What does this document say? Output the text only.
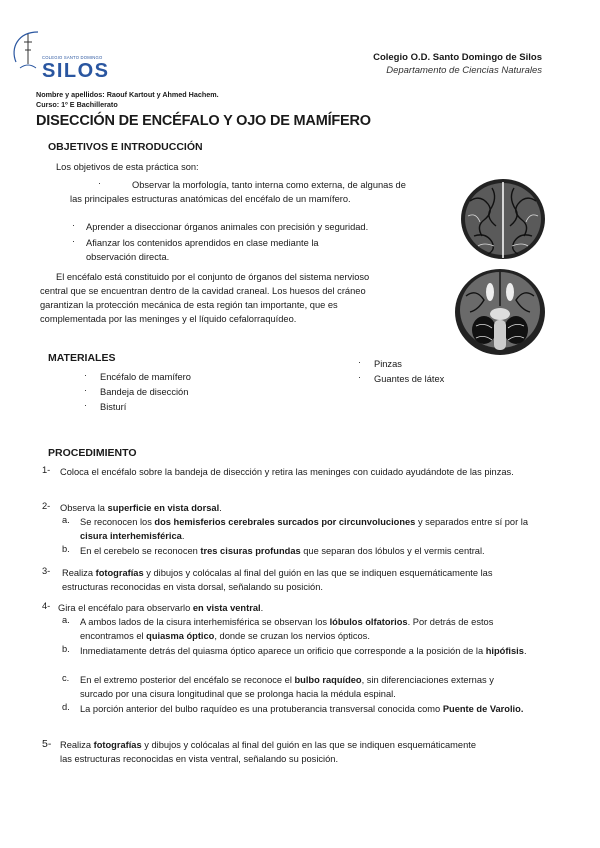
COLEGIO SANTO DOMINGO
SILOS
Colegio O.D. Santo Domingo de Silos
Departamento de Ciencias Naturales
Nombre y apellidos: Raouf Kartout y Ahmed Hachem.
Curso: 1º E Bachillerato
DISECCIÓN DE ENCÉFALO Y OJO DE MAMÍFERO
OBJETIVOS E INTRODUCCIÓN
Los objetivos de esta práctica son:
·	Observar la morfología, tanto interna como externa, de algunas de las principales estructuras anatómicas del encéfalo de un mamífero.
· Aprender a diseccionar órganos animales con precisión y seguridad.
· Afianzar los contenidos aprendidos en clase mediante la observación directa.
El encéfalo está constituido por el conjunto de órganos del sistema nervioso central que se encuentran dentro de la cavidad craneal. Los huesos del cráneo garantizan la protección mecánica de esta región tan importante, que es complementada por las meninges y el líquido cefalorraquídeo.
MATERIALES
· Encéfalo de mamífero
· Bandeja de disección
· Bisturí
· Pinzas
· Guantes de látex
PROCEDIMIENTO
1- Coloca el encéfalo sobre la bandeja de disección y retira las meninges con cuidado ayudándote de las pinzas.
2- Observa la superficie en vista dorsal.
a. Se reconocen los dos hemisferios cerebrales surcados por circunvoluciones y separados entre sí por la cisura interhemisférica.
b. En el cerebelo se reconocen tres cisuras profundas que separan dos lóbulos y el vermis central.
3- Realiza fotografías y dibujos y colócalas al final del guión en las que se indiquen esquemáticamente las estructuras reconocidas en vista dorsal, señalando su posición.
4- Gira el encéfalo para observarlo en vista ventral.
a. A ambos lados de la cisura interhemisférica se observan los lóbulos olfatorios. Por detrás de estos encontramos el quiasma óptico, donde se cruzan los nervios ópticos.
b. Inmediatamente detrás del quiasma óptico aparece un orificio que corresponde a la posición de la hipófisis.
c. En el extremo posterior del encéfalo se reconoce el bulbo raquídeo, sin diferenciaciones externas y surcado por una cisura longitudinal que se prolonga hacia la médula espinal.
d. La porción anterior del bulbo raquídeo es una protuberancia transversal conocida como Puente de Varolio.
5- Realiza fotografías y dibujos y colócalas al final del guión en las que se indiquen esquemáticamente las estructuras reconocidas en vista ventral, señalando su posición.
